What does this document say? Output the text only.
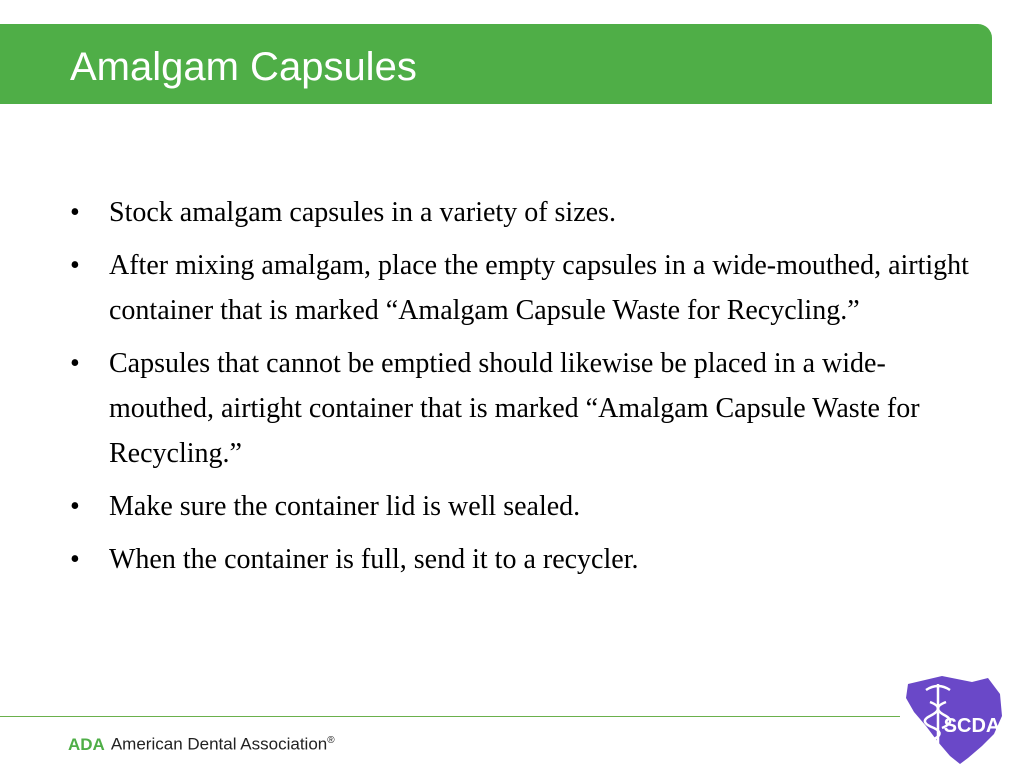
Amalgam Capsules
• Stock amalgam capsules in a variety of sizes.
• After mixing amalgam, place the empty capsules in a wide-mouthed, airtight container that is marked “Amalgam Capsule Waste for Recycling.”
• Capsules that cannot be emptied should likewise be placed in a wide-mouthed, airtight container that is marked “Amalgam Capsule Waste for Recycling.”
• Make sure the container lid is well sealed.
• When the container is full, send it to a recycler.
ADA American Dental Association®
SCDA
